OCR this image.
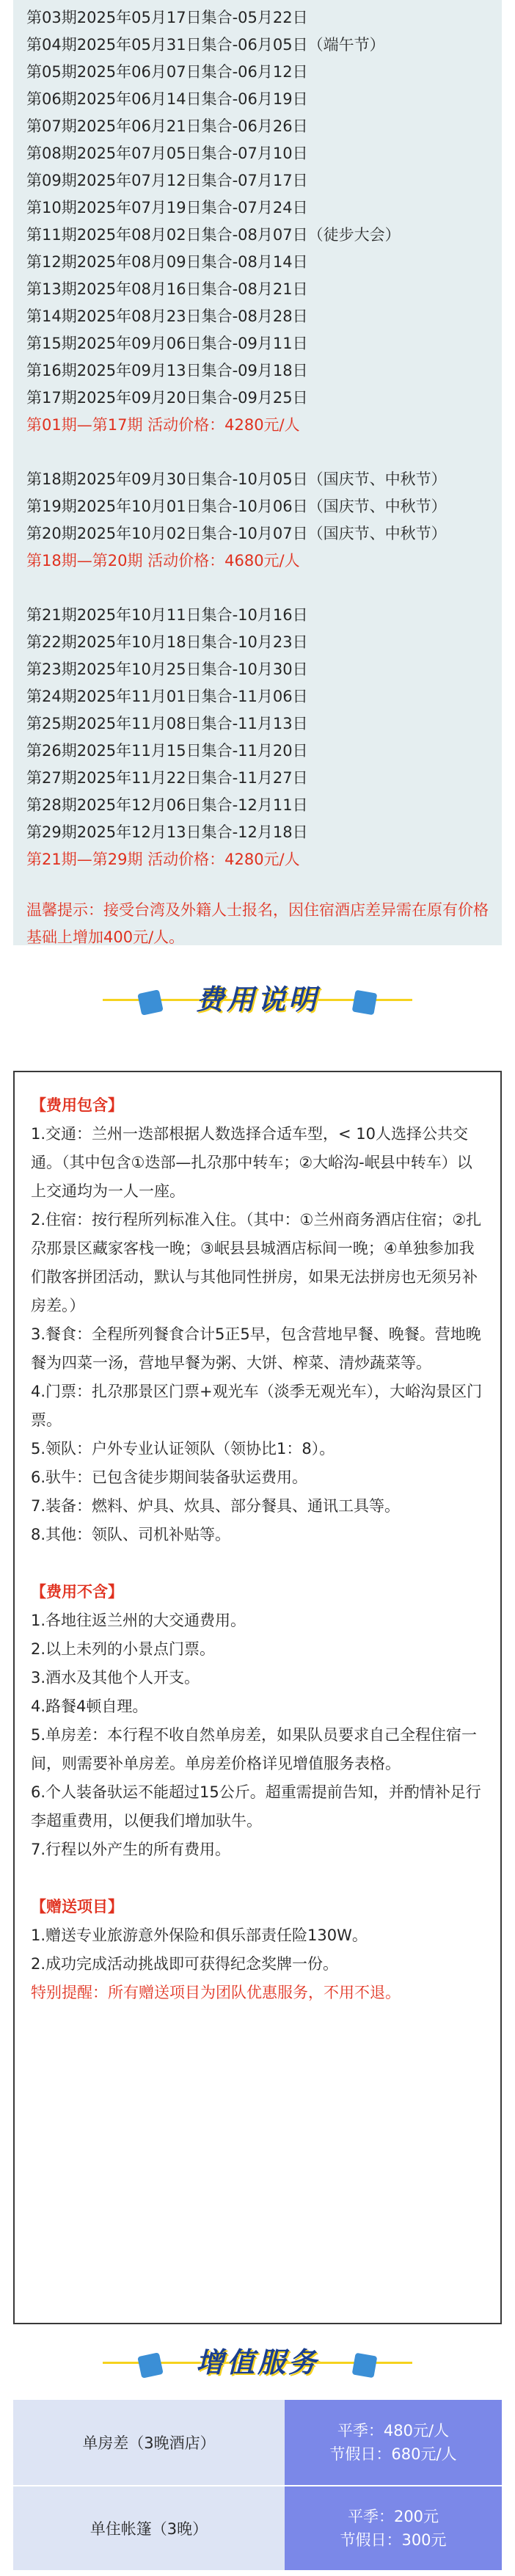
第03期2025年05月17日集合-05月22日
第04期2025年05月31日集合-06月05日（端午节）
第05期2025年06月07日集合-06月12日
第06期2025年06月14日集合-06月19日
第07期2025年06月21日集合-06月26日
第08期2025年07月05日集合-07月10日
第09期2025年07月12日集合-07月17日
第10期2025年07月19日集合-07月24日
第11期2025年08月02日集合-08月07日（徒步大会）
第12期2025年08月09日集合-08月14日
第13期2025年08月16日集合-08月21日
第14期2025年08月23日集合-08月28日
第15期2025年09月06日集合-09月11日
第16期2025年09月13日集合-09月18日
第17期2025年09月20日集合-09月25日
第01期—第17期 活动价格：4280元/人
第18期2025年09月30日集合-10月05日（国庆节、中秋节）
第19期2025年10月01日集合-10月06日（国庆节、中秋节）
第20期2025年10月02日集合-10月07日（国庆节、中秋节）
第18期—第20期 活动价格：4680元/人
第21期2025年10月11日集合-10月16日
第22期2025年10月18日集合-10月23日
第23期2025年10月25日集合-10月30日
第24期2025年11月01日集合-11月06日
第25期2025年11月08日集合-11月13日
第26期2025年11月15日集合-11月20日
第27期2025年11月22日集合-11月27日
第28期2025年12月06日集合-12月11日
第29期2025年12月13日集合-12月18日
第21期—第29期 活动价格：4280元/人
温馨提示：接受台湾及外籍人士报名，因住宿酒店差异需在原有价格基础上增加400元/人。
费用说明
【费用包含】
1.交通：兰州一迭部根据人数选择合适车型，< 10人选择公共交通。（其中包含①迭部—扎尕那中转车；②大峪沟-岷县中转车）以上交通均为一人一座。
2.住宿：按行程所列标准入住。（其中：①兰州商务酒店住宿；②扎尕那景区藏家客栈一晚；③岷县县城酒店标间一晚；④单独参加我们散客拼团活动，默认与其他同性拼房，如果无法拼房也无须另补房差。）
3.餐食：全程所列餐食合计5正5早，包含营地早餐、晚餐。营地晚餐为四菜一汤，营地早餐为粥、大饼、榨菜、清炒蔬菜等。
4.门票：扎尕那景区门票+观光车（淡季无观光车），大峪沟景区门票。
5.领队：户外专业认证领队（领协比1：8）。
6.驮牛：已包含徒步期间装备驮运费用。
7.装备：燃料、炉具、炊具、部分餐具、通讯工具等。
8.其他：领队、司机补贴等。
【费用不含】
1.各地往返兰州的大交通费用。
2.以上未列的小景点门票。
3.酒水及其他个人开支。
4.路餐4顿自理。
5.单房差：本行程不收自然单房差，如果队员要求自己全程住宿一间，则需要补单房差。单房差价格详见增值服务表格。
6.个人装备驮运不能超过15公斤。超重需提前告知，并酌情补足行李超重费用，以便我们增加驮牛。
7.行程以外产生的所有费用。
【赠送项目】
1.赠送专业旅游意外保险和俱乐部责任险130W。
2.成功完成活动挑战即可获得纪念奖牌一份。
特别提醒：所有赠送项目为团队优惠服务，不用不退。
增值服务
单房差（3晚酒店）
平季：480元/人
节假日：680元/人
单住帐篷（3晚）
平季：200元
节假日：300元
